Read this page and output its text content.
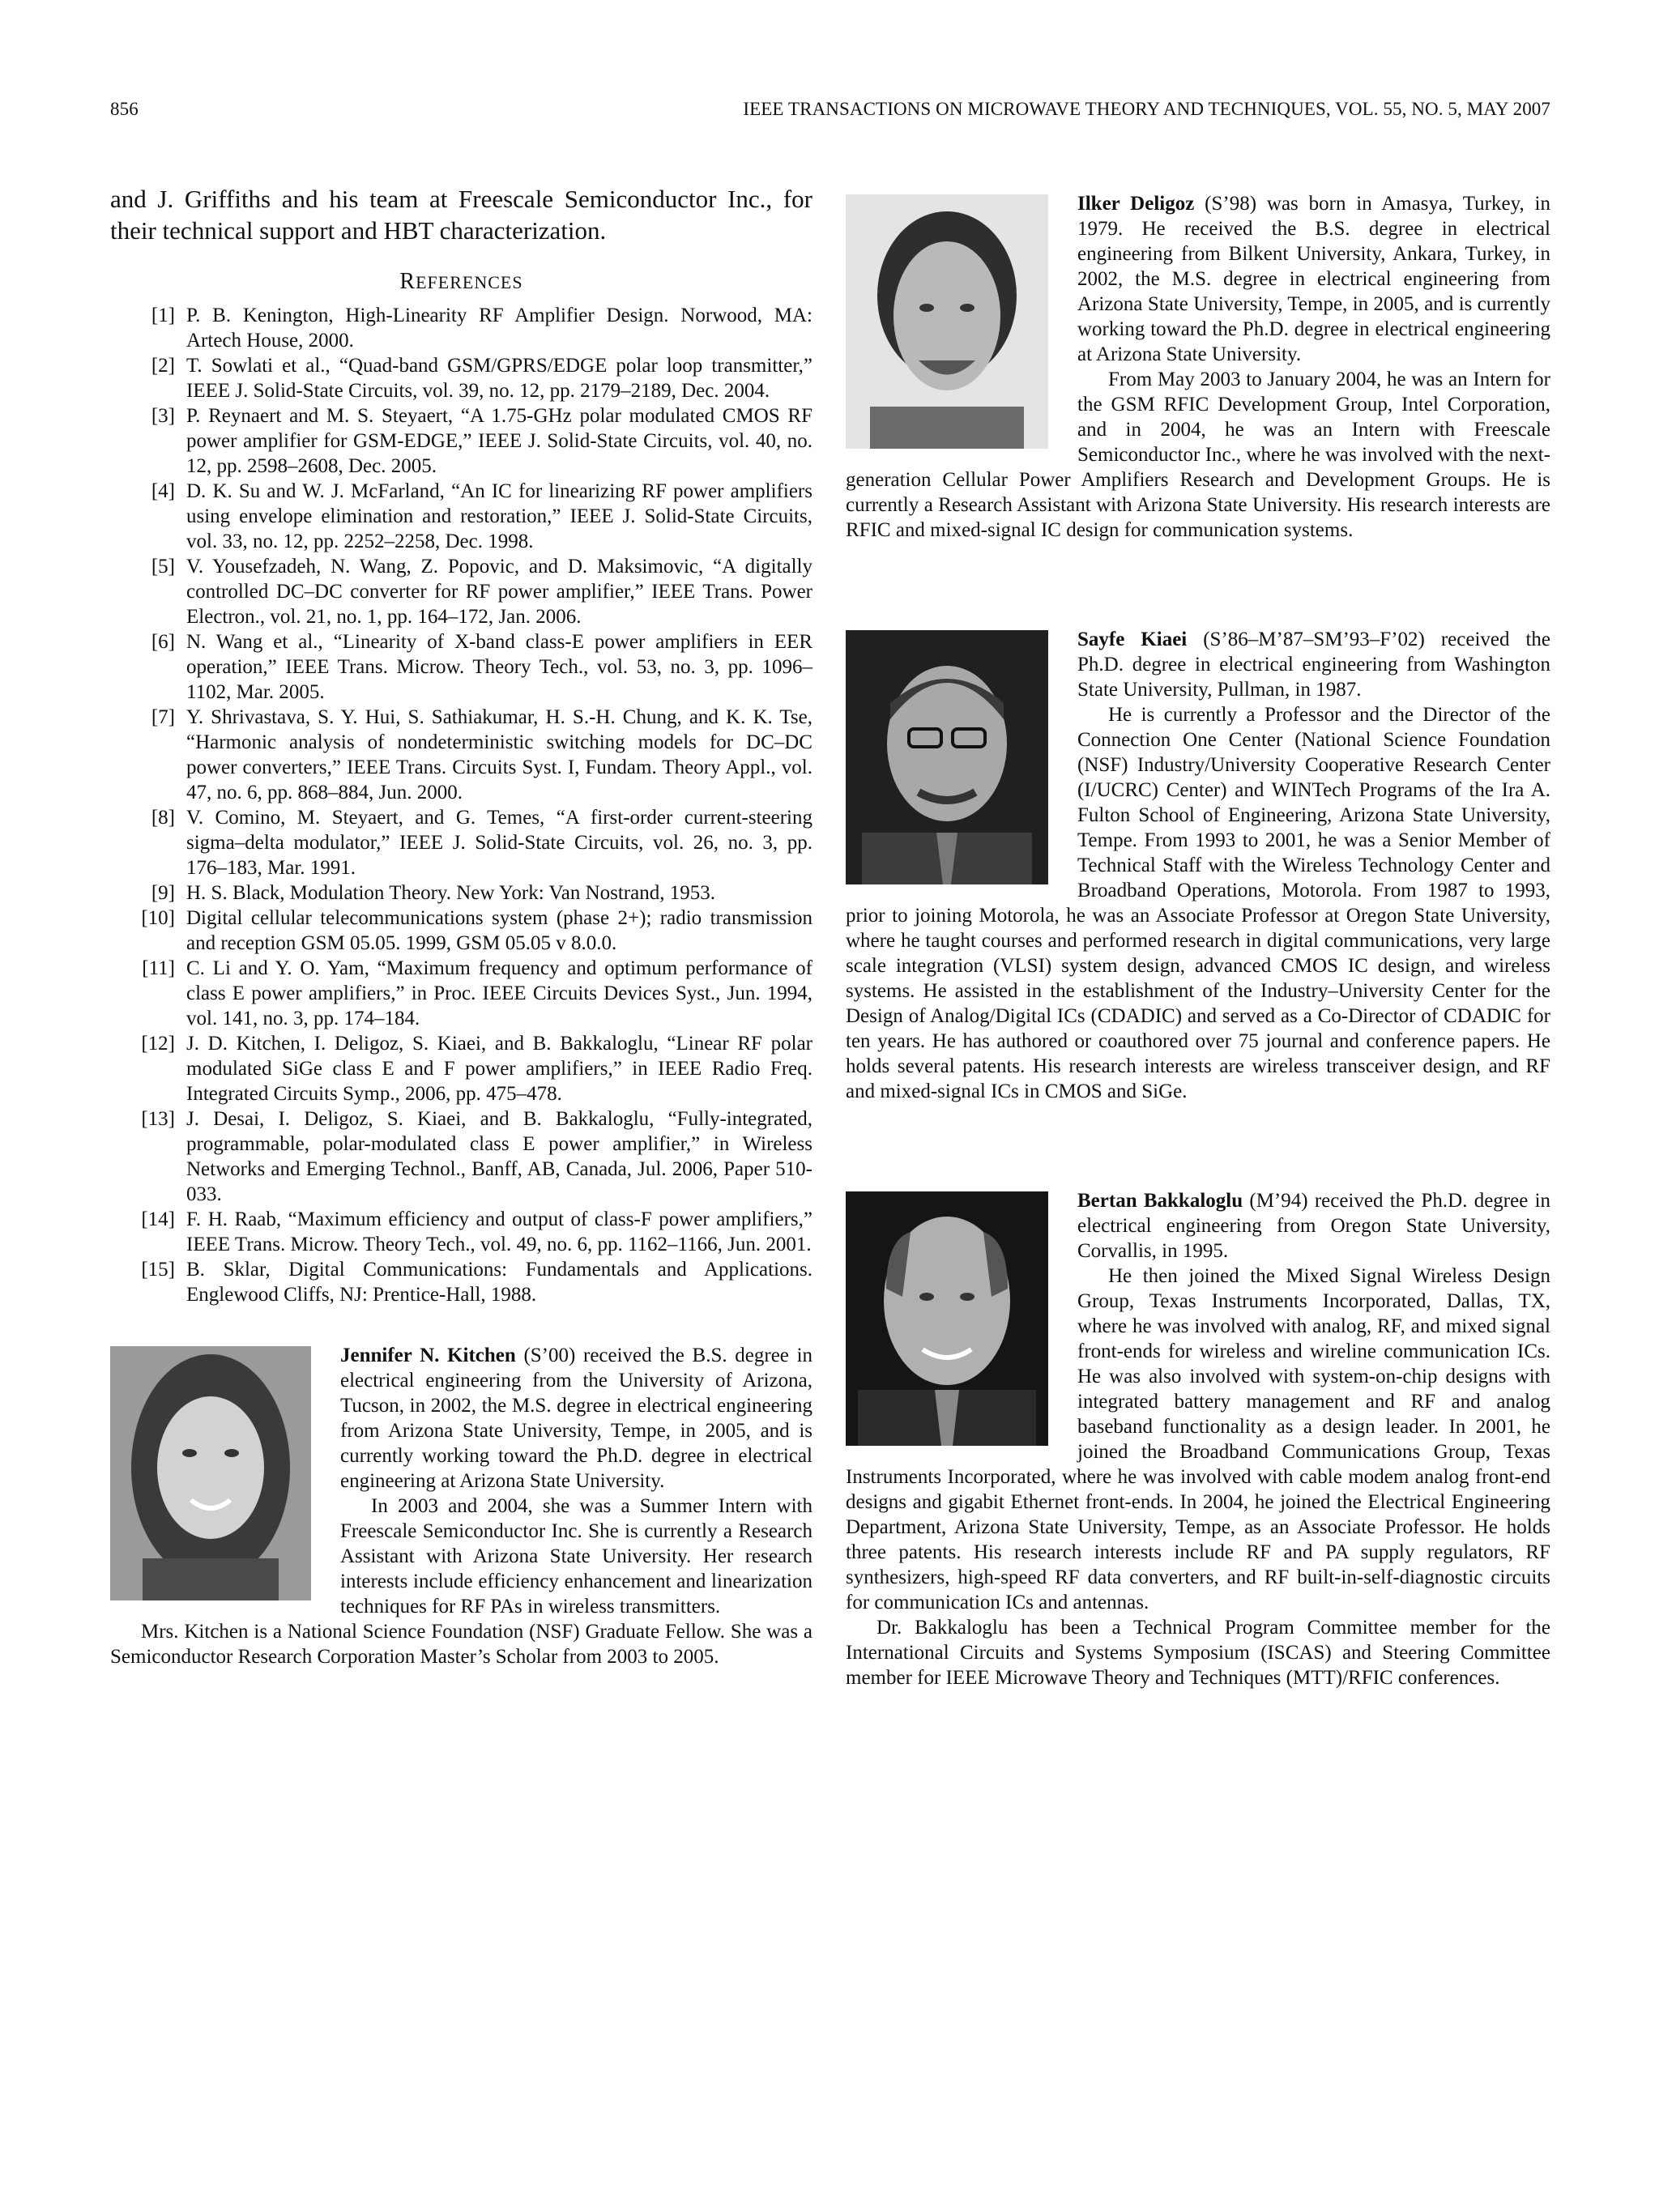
856	IEEE TRANSACTIONS ON MICROWAVE THEORY AND TECHNIQUES, VOL. 55, NO. 5, MAY 2007

and J. Griffiths and his team at Freescale Semiconductor Inc., for their technical support and HBT characterization.

REFERENCES
[1] P. B. Kenington, High-Linearity RF Amplifier Design. Norwood, MA: Artech House, 2000.
[2] T. Sowlati et al., “Quad-band GSM/GPRS/EDGE polar loop transmitter,” IEEE J. Solid-State Circuits, vol. 39, no. 12, pp. 2179–2189, Dec. 2004.
[3] P. Reynaert and M. S. Steyaert, “A 1.75-GHz polar modulated CMOS RF power amplifier for GSM-EDGE,” IEEE J. Solid-State Circuits, vol. 40, no. 12, pp. 2598–2608, Dec. 2005.
[4] D. K. Su and W. J. McFarland, “An IC for linearizing RF power amplifiers using envelope elimination and restoration,” IEEE J. Solid-State Circuits, vol. 33, no. 12, pp. 2252–2258, Dec. 1998.
[5] V. Yousefzadeh, N. Wang, Z. Popovic, and D. Maksimovic, “A digitally controlled DC–DC converter for RF power amplifier,” IEEE Trans. Power Electron., vol. 21, no. 1, pp. 164–172, Jan. 2006.
[6] N. Wang et al., “Linearity of X-band class-E power amplifiers in EER operation,” IEEE Trans. Microw. Theory Tech., vol. 53, no. 3, pp. 1096–1102, Mar. 2005.
[7] Y. Shrivastava, S. Y. Hui, S. Sathiakumar, H. S.-H. Chung, and K. K. Tse, “Harmonic analysis of nondeterministic switching models for DC–DC power converters,” IEEE Trans. Circuits Syst. I, Fundam. Theory Appl., vol. 47, no. 6, pp. 868–884, Jun. 2000.
[8] V. Comino, M. Steyaert, and G. Temes, “A first-order current-steering sigma–delta modulator,” IEEE J. Solid-State Circuits, vol. 26, no. 3, pp. 176–183, Mar. 1991.
[9] H. S. Black, Modulation Theory. New York: Van Nostrand, 1953.
[10] Digital cellular telecommunications system (phase 2+); radio transmission and reception GSM 05.05. 1999, GSM 05.05 v 8.0.0.
[11] C. Li and Y. O. Yam, “Maximum frequency and optimum performance of class E power amplifiers,” in Proc. IEEE Circuits Devices Syst., Jun. 1994, vol. 141, no. 3, pp. 174–184.
[12] J. D. Kitchen, I. Deligoz, S. Kiaei, and B. Bakkaloglu, “Linear RF polar modulated SiGe class E and F power amplifiers,” in IEEE Radio Freq. Integrated Circuits Symp., 2006, pp. 475–478.
[13] J. Desai, I. Deligoz, S. Kiaei, and B. Bakkaloglu, “Fully-integrated, programmable, polar-modulated class E power amplifier,” in Wireless Networks and Emerging Technol., Banff, AB, Canada, Jul. 2006, Paper 510-033.
[14] F. H. Raab, “Maximum efficiency and output of class-F power amplifiers,” IEEE Trans. Microw. Theory Tech., vol. 49, no. 6, pp. 1162–1166, Jun. 2001.
[15] B. Sklar, Digital Communications: Fundamentals and Applications. Englewood Cliffs, NJ: Prentice-Hall, 1988.

Jennifer N. Kitchen (S’00) received the B.S. degree in electrical engineering from the University of Arizona, Tucson, in 2002, the M.S. degree in electrical engineering from Arizona State University, Tempe, in 2005, and is currently working toward the Ph.D. degree in electrical engineering at Arizona State University.

In 2003 and 2004, she was a Summer Intern with Freescale Semiconductor Inc. She is currently a Research Assistant with Arizona State University. Her research interests include efficiency enhancement and linearization techniques for RF PAs in wireless transmitters.

Mrs. Kitchen is a National Science Foundation (NSF) Graduate Fellow. She was a Semiconductor Research Corporation Master’s Scholar from 2003 to 2005.

Ilker Deligoz (S’98) was born in Amasya, Turkey, in 1979. He received the B.S. degree in electrical engineering from Bilkent University, Ankara, Turkey, in 2002, the M.S. degree in electrical engineering from Arizona State University, Tempe, in 2005, and is currently working toward the Ph.D. degree in electrical engineering at Arizona State University.

From May 2003 to January 2004, he was an Intern for the GSM RFIC Development Group, Intel Corporation, and in 2004, he was an Intern with Freescale Semiconductor Inc., where he was involved with the next-generation Cellular Power Amplifiers Research and Development Groups. He is currently a Research Assistant with Arizona State University. His research interests are RFIC and mixed-signal IC design for communication systems.

Sayfe Kiaei (S’86–M’87–SM’93–F’02) received the Ph.D. degree in electrical engineering from Washington State University, Pullman, in 1987.

He is currently a Professor and the Director of the Connection One Center (National Science Foundation (NSF) Industry/University Cooperative Research Center (I/UCRC) Center) and WINTech Programs of the Ira A. Fulton School of Engineering, Arizona State University, Tempe. From 1993 to 2001, he was a Senior Member of Technical Staff with the Wireless Technology Center and Broadband Operations, Motorola. From 1987 to 1993, prior to joining Motorola, he was an Associate Professor at Oregon State University, where he taught courses and performed research in digital communications, very large scale integration (VLSI) system design, advanced CMOS IC design, and wireless systems. He assisted in the establishment of the Industry–University Center for the Design of Analog/Digital ICs (CDADIC) and served as a Co-Director of CDADIC for ten years. He has authored or coauthored over 75 journal and conference papers. He holds several patents. His research interests are wireless transceiver design, and RF and mixed-signal ICs in CMOS and SiGe.

Bertan Bakkaloglu (M’94) received the Ph.D. degree in electrical engineering from Oregon State University, Corvallis, in 1995.

He then joined the Mixed Signal Wireless Design Group, Texas Instruments Incorporated, Dallas, TX, where he was involved with analog, RF, and mixed signal front-ends for wireless and wireline communication ICs. He was also involved with system-on-chip designs with integrated battery management and RF and analog baseband functionality as a design leader. In 2001, he joined the Broadband Communications Group, Texas Instruments Incorporated, where he was involved with cable modem analog front-end designs and gigabit Ethernet front-ends. In 2004, he joined the Electrical Engineering Department, Arizona State University, Tempe, as an Associate Professor. He holds three patents. His research interests include RF and PA supply regulators, RF synthesizers, high-speed RF data converters, and RF built-in-self-diagnostic circuits for communication ICs and antennas.

Dr. Bakkaloglu has been a Technical Program Committee member for the International Circuits and Systems Symposium (ISCAS) and Steering Committee member for IEEE Microwave Theory and Techniques (MTT)/RFIC conferences.
